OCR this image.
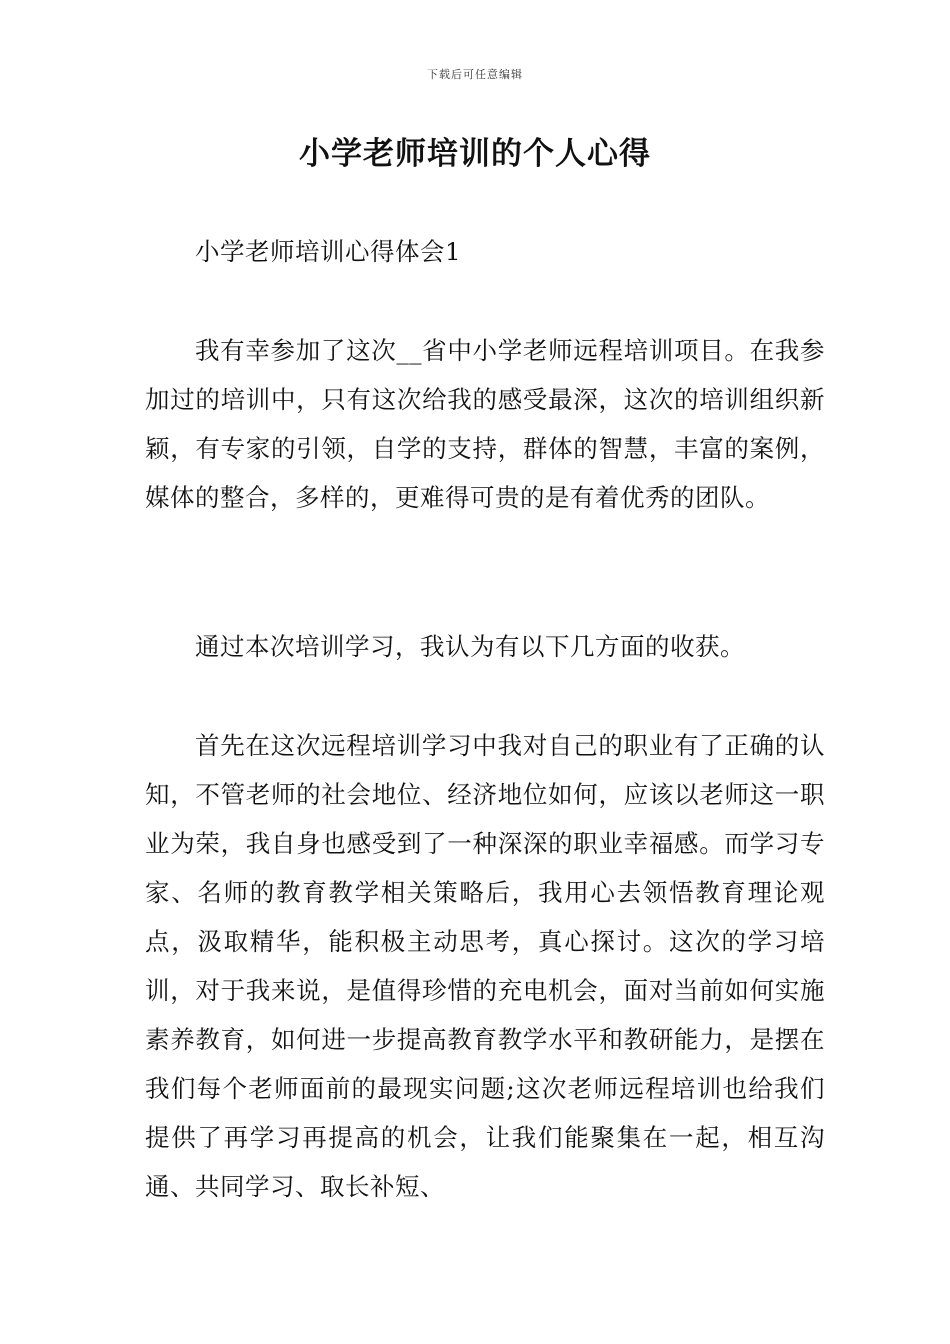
下载后可任意编辑
小学老师培训的个人心得

小学老师培训心得体会1

我有幸参加了这次__省中小学老师远程培训项目。在我参加过的培训中，只有这次给我的感受最深，这次的培训组织新颖，有专家的引领，自学的支持，群体的智慧，丰富的案例，媒体的整合，多样的，更难得可贵的是有着优秀的团队。

通过本次培训学习，我认为有以下几方面的收获。

首先在这次远程培训学习中我对自己的职业有了正确的认知，不管老师的社会地位、经济地位如何，应该以老师这一职业为荣，我自身也感受到了一种深深的职业幸福感。而学习专家、名师的教育教学相关策略后，我用心去领悟教育理论观点，汲取精华，能积极主动思考，真心探讨。这次的学习培训，对于我来说，是值得珍惜的充电机会，面对当前如何实施素养教育，如何进一步提高教育教学水平和教研能力，是摆在我们每个老师面前的最现实问题;这次老师远程培训也给我们提供了再学习再提高的机会，让我们能聚集在一起，相互沟通、共同学习、取长补短、
